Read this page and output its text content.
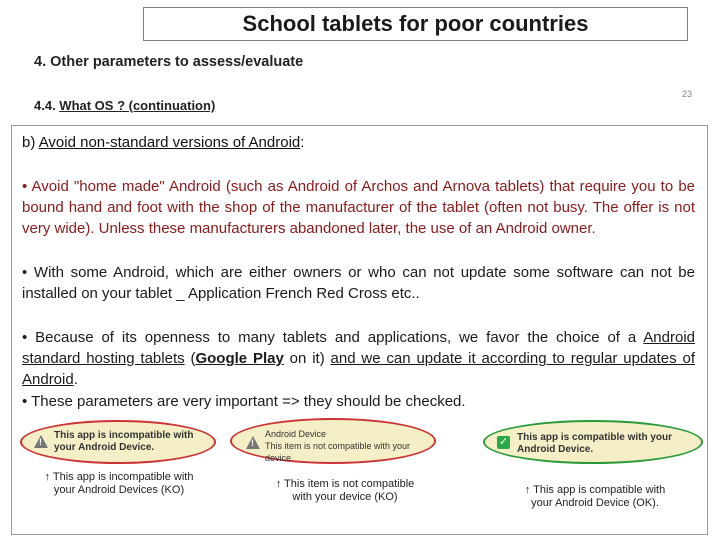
School tablets for poor countries
4. Other parameters to assess/evaluate
23
4.4. What OS ? (continuation)
b) Avoid non-standard versions of Android:
• Avoid "home made" Android (such as Android of Archos and Arnova tablets) that require you to be bound hand and foot with the shop of the manufacturer of the tablet (often not busy. The offer is not very wide). Unless these manufacturers abandoned later, the use of an Android owner.
• With some Android, which are either owners or who can not update some software can not be installed on your tablet _ Application French Red Cross etc..
• Because of its openness to many tablets and applications, we favor the choice of a Android standard hosting tablets (Google Play on it) and we can update it according to regular updates of Android.
• These parameters are very important => they should be checked.
!
This app is incompatible with
your Android Device.
↑ This app is incompatible with
your Android Devices (KO)
!
Android Device
This item is not compatible with your device
↑ This item is not compatible
with your device (KO)
✓ This app is compatible with your
Android Device.
↑ This app is compatible with
your Android Device (OK).
